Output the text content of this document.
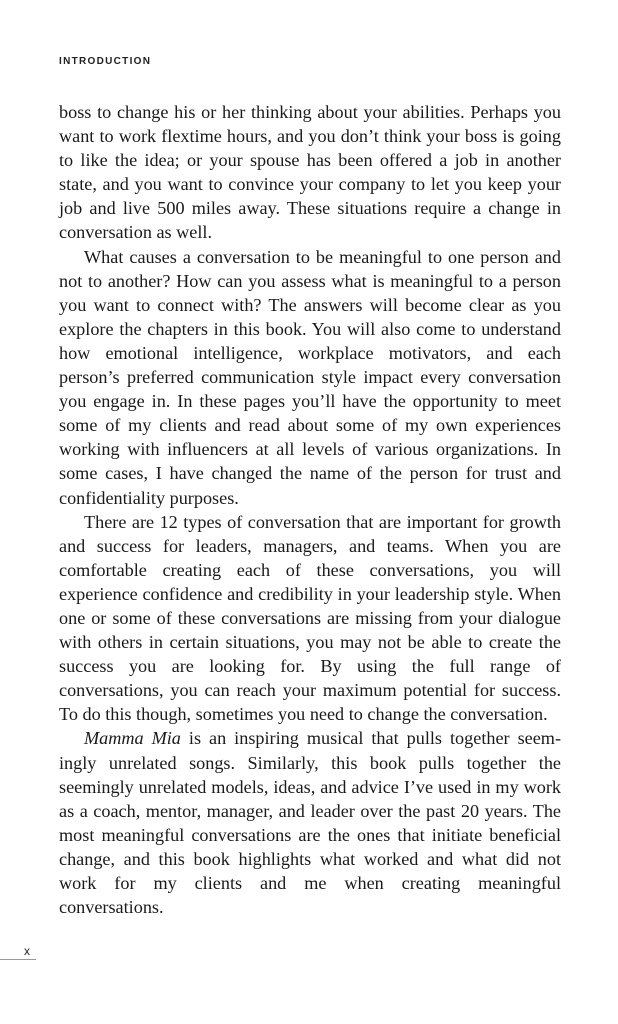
INTRODUCTION

boss to change his or her thinking about your abilities. Perhaps you want to work flextime hours, and you don’t think your boss is going to like the idea; or your spouse has been offered a job in another state, and you want to convince your company to let you keep your job and live 500 miles away. These situations require a change in conversation as well.

What causes a conversation to be meaningful to one person and not to another? How can you assess what is meaningful to a person you want to connect with? The answers will become clear as you explore the chapters in this book. You will also come to understand how emotional intelligence, workplace motivators, and each person’s preferred communication style impact every conversation you engage in. In these pages you’ll have the opportunity to meet some of my clients and read about some of my own experiences working with influencers at all levels of various organizations. In some cases, I have changed the name of the person for trust and confidentiality purposes.

There are 12 types of conversation that are important for growth and success for leaders, managers, and teams. When you are comfortable creating each of these conversations, you will experience confidence and credibility in your leadership style. When one or some of these conversations are missing from your dialogue with others in certain situations, you may not be able to create the success you are looking for. By using the full range of conversations, you can reach your maximum potential for success. To do this though, sometimes you need to change the conversation.

Mamma Mia is an inspiring musical that pulls together seemingly unrelated songs. Similarly, this book pulls together the seemingly unrelated models, ideas, and advice I’ve used in my work as a coach, mentor, manager, and leader over the past 20 years. The most meaningful conversations are the ones that initiate beneficial change, and this book highlights what worked and what did not work for my clients and me when creating meaningful conversations.

x
